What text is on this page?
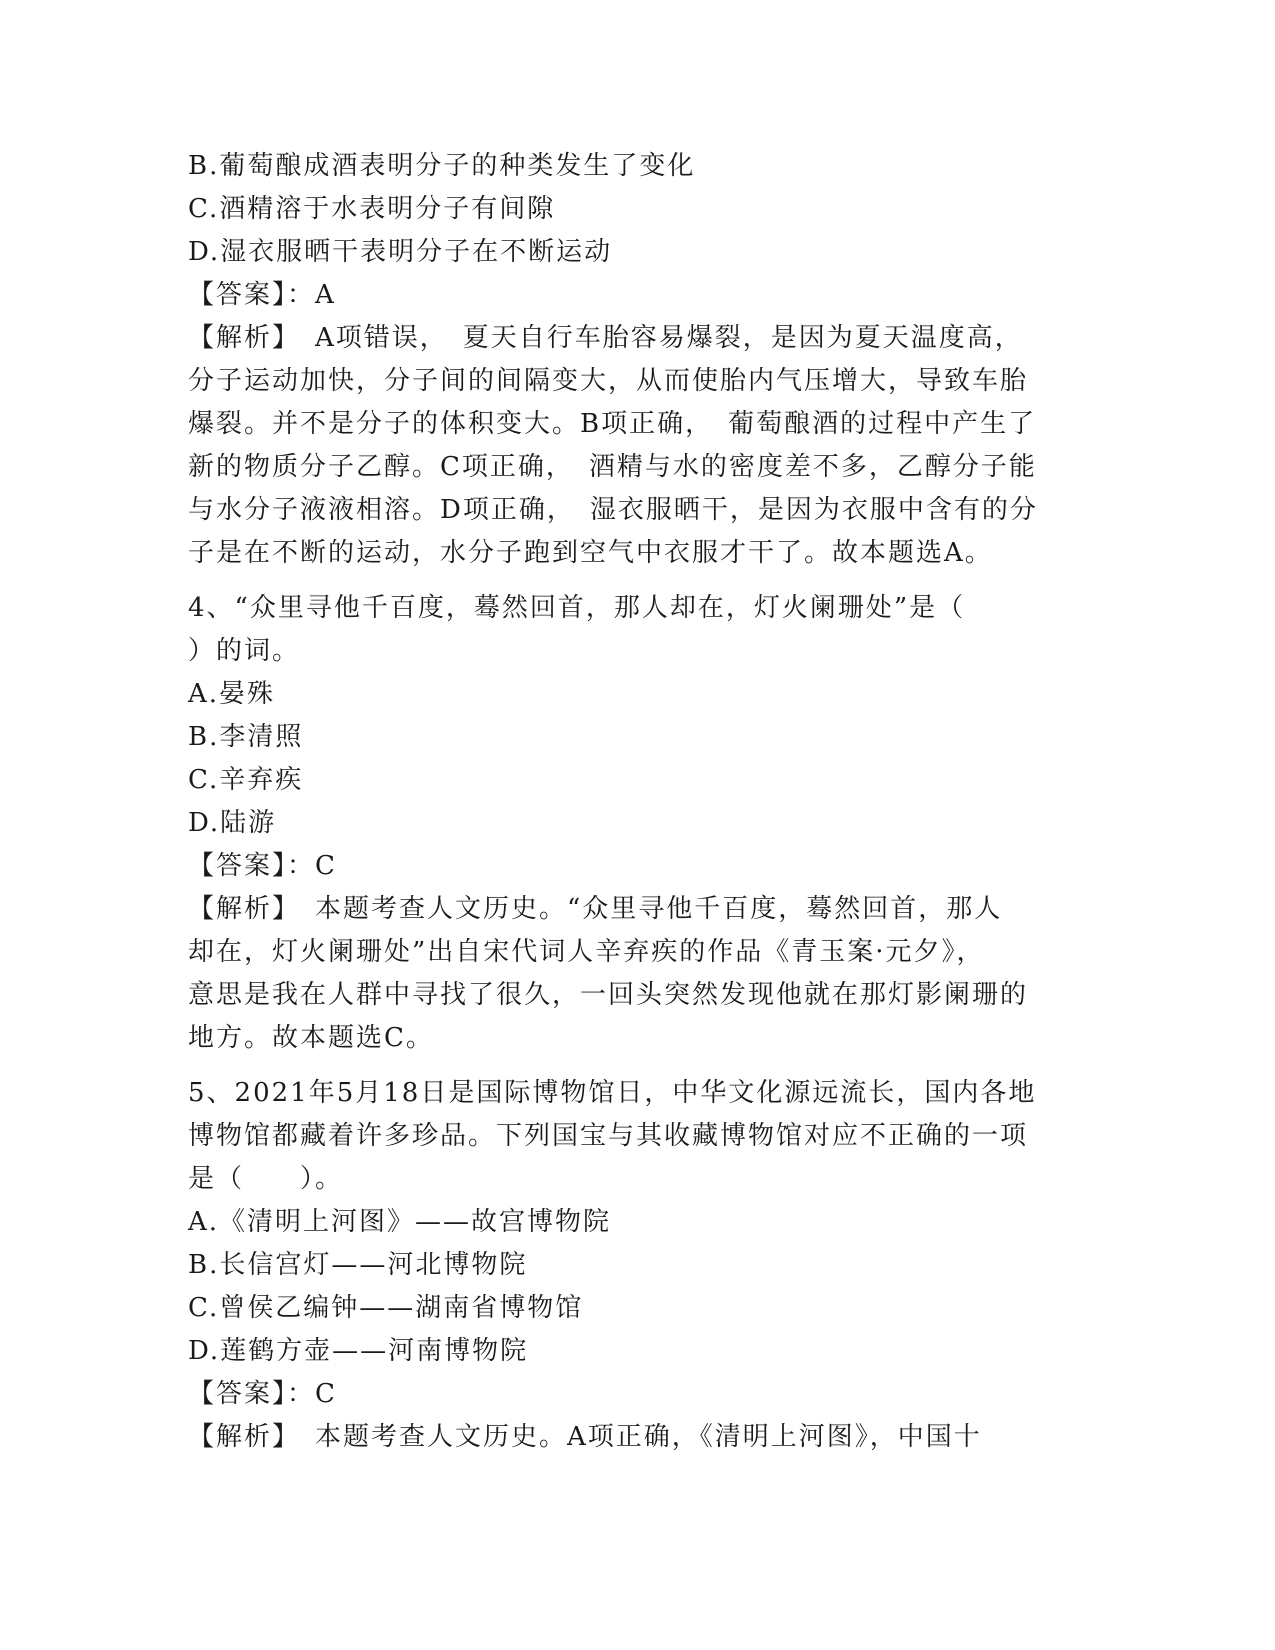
B.葡萄酿成酒表明分子的种类发生了变化
C.酒精溶于水表明分子有间隙
D.湿衣服晒干表明分子在不断运动
【答案】：A
【解析】　A项错误，　夏天自行车胎容易爆裂，是因为夏天温度高，
分子运动加快，分子间的间隔变大，从而使胎内气压增大，导致车胎
爆裂。并不是分子的体积变大。B项正确，　葡萄酿酒的过程中产生了
新的物质分子乙醇。C项正确，　酒精与水的密度差不多，乙醇分子能
与水分子液液相溶。D项正确，　湿衣服晒干，是因为衣服中含有的分
子是在不断的运动，水分子跑到空气中衣服才干了。故本题选A。
4、“众里寻他千百度，蓦然回首，那人却在，灯火阑珊处”是（
）的词。
A.晏殊
B.李清照
C.辛弃疾
D.陆游
【答案】：C
【解析】　本题考查人文历史。“众里寻他千百度，蓦然回首，那人
却在，灯火阑珊处”出自宋代词人辛弃疾的作品《青玉案·元夕》，
意思是我在人群中寻找了很久，一回头突然发现他就在那灯影阑珊的
地方。故本题选C。
5、2021年5月18日是国际博物馆日，中华文化源远流长，国内各地
博物馆都藏着许多珍品。下列国宝与其收藏博物馆对应不正确的一项
是（　　）。
A.《清明上河图》——故宫博物院
B.长信宫灯——河北博物院
C.曾侯乙编钟——湖南省博物馆
D.莲鹤方壶——河南博物院
【答案】：C
【解析】　本题考查人文历史。A项正确，《清明上河图》，中国十
